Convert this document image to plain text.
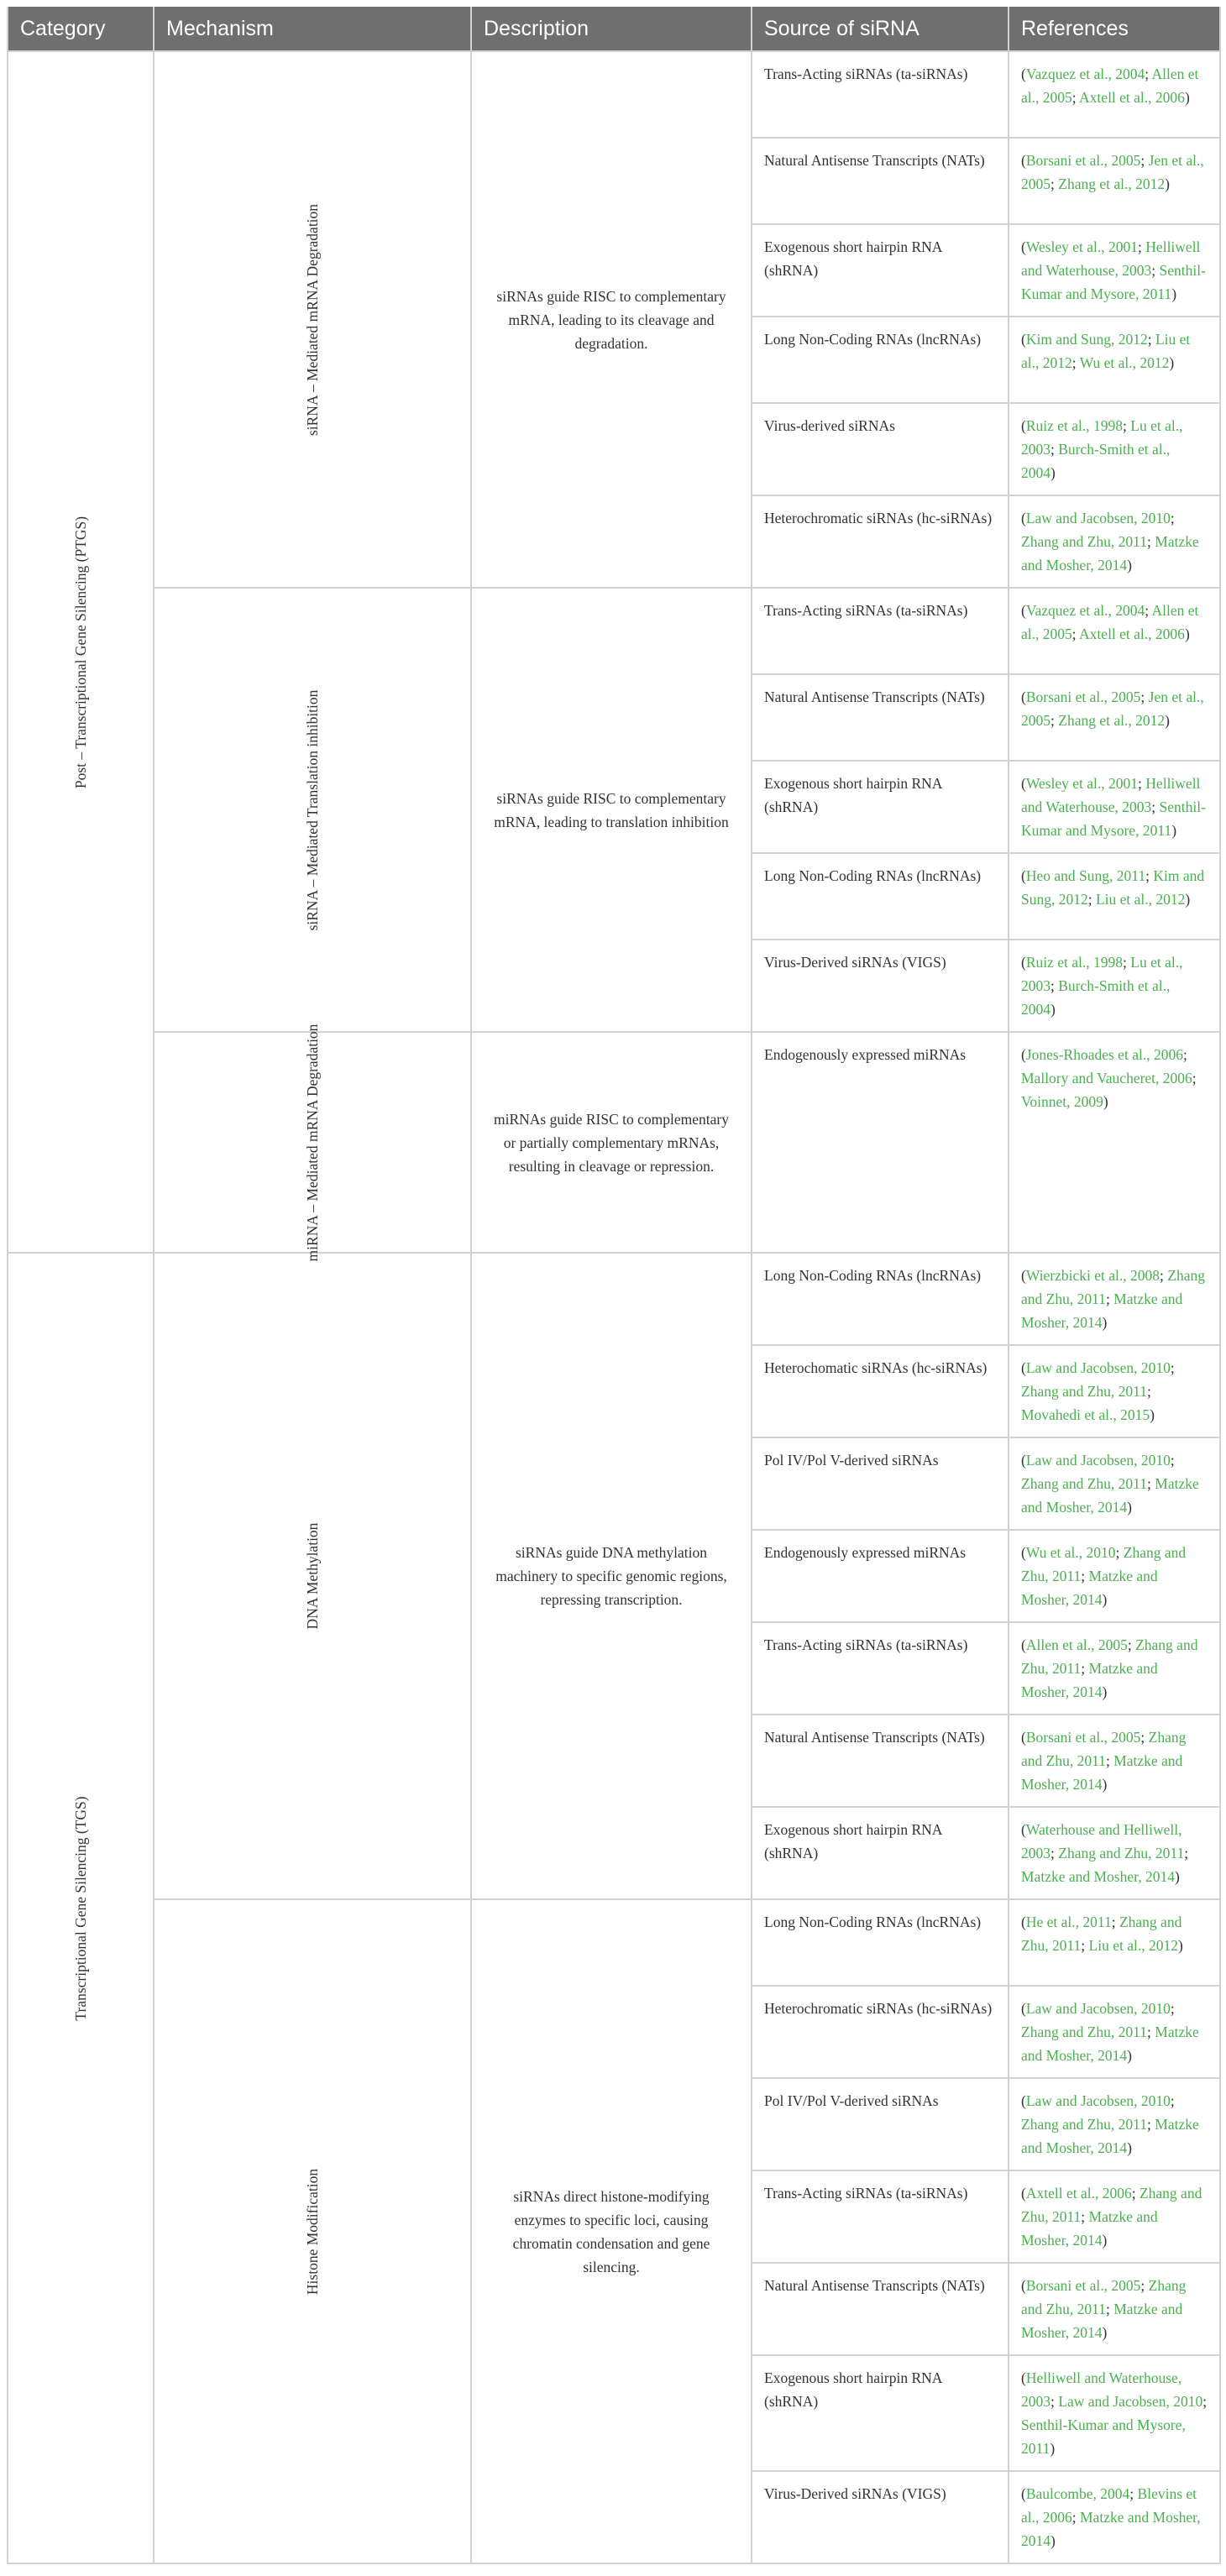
Category	Mechanism	Description	Source of siRNA	References

Post – Transcriptional Gene Silencing (PTGS)	siRNA – Mediated mRNA Degradation	siRNAs guide RISC to complementary mRNA, leading to its cleavage and degradation.	Trans-Acting siRNAs (ta-siRNAs)	(Vazquez et al., 2004; Allen et al., 2005; Axtell et al., 2006)
			Natural Antisense Transcripts (NATs)	(Borsani et al., 2005; Jen et al., 2005; Zhang et al., 2012)
			Exogenous short hairpin RNA (shRNA)	(Wesley et al., 2001; Helliwell and Waterhouse, 2003; Senthil-Kumar and Mysore, 2011)
			Long Non-Coding RNAs (lncRNAs)	(Kim and Sung, 2012; Liu et al., 2012; Wu et al., 2012)
			Virus-derived siRNAs	(Ruiz et al., 1998; Lu et al., 2003; Burch-Smith et al., 2004)
			Heterochromatic siRNAs (hc-siRNAs)	(Law and Jacobsen, 2010; Zhang and Zhu, 2011; Matzke and Mosher, 2014)

	siRNA – Mediated Translation inhibition	siRNAs guide RISC to complementary mRNA, leading to translation inhibition	Trans-Acting siRNAs (ta-siRNAs)	(Vazquez et al., 2004; Allen et al., 2005; Axtell et al., 2006)
			Natural Antisense Transcripts (NATs)	(Borsani et al., 2005; Jen et al., 2005; Zhang et al., 2012)
			Exogenous short hairpin RNA (shRNA)	(Wesley et al., 2001; Helliwell and Waterhouse, 2003; Senthil-Kumar and Mysore, 2011)
			Long Non-Coding RNAs (lncRNAs)	(Heo and Sung, 2011; Kim and Sung, 2012; Liu et al., 2012)
			Virus-Derived siRNAs (VIGS)	(Ruiz et al., 1998; Lu et al., 2003; Burch-Smith et al., 2004)

	miRNA – Mediated mRNA Degradation	miRNAs guide RISC to complementary or partially complementary mRNAs, resulting in cleavage or repression.	Endogenously expressed miRNAs	(Jones-Rhoades et al., 2006; Mallory and Vaucheret, 2006; Voinnet, 2009)

Transcriptional Gene Silencing (TGS)	DNA Methylation	siRNAs guide DNA methylation machinery to specific genomic regions, repressing transcription.	Long Non-Coding RNAs (lncRNAs)	(Wierzbicki et al., 2008; Zhang and Zhu, 2011; Matzke and Mosher, 2014)
			Heterochomatic siRNAs (hc-siRNAs)	(Law and Jacobsen, 2010; Zhang and Zhu, 2011; Movahedi et al., 2015)
			Pol IV/Pol V-derived siRNAs	(Law and Jacobsen, 2010; Zhang and Zhu, 2011; Matzke and Mosher, 2014)
			Endogenously expressed miRNAs	(Wu et al., 2010; Zhang and Zhu, 2011; Matzke and Mosher, 2014)
			Trans-Acting siRNAs (ta-siRNAs)	(Allen et al., 2005; Zhang and Zhu, 2011; Matzke and Mosher, 2014)
			Natural Antisense Transcripts (NATs)	(Borsani et al., 2005; Zhang and Zhu, 2011; Matzke and Mosher, 2014)
			Exogenous short hairpin RNA (shRNA)	(Waterhouse and Helliwell, 2003; Zhang and Zhu, 2011; Matzke and Mosher, 2014)

	Histone Modification	siRNAs direct histone-modifying enzymes to specific loci, causing chromatin condensation and gene silencing.	Long Non-Coding RNAs (lncRNAs)	(He et al., 2011; Zhang and Zhu, 2011; Liu et al., 2012)
			Heterochromatic siRNAs (hc-siRNAs)	(Law and Jacobsen, 2010; Zhang and Zhu, 2011; Matzke and Mosher, 2014)
			Pol IV/Pol V-derived siRNAs	(Law and Jacobsen, 2010; Zhang and Zhu, 2011; Matzke and Mosher, 2014)
			Trans-Acting siRNAs (ta-siRNAs)	(Axtell et al., 2006; Zhang and Zhu, 2011; Matzke and Mosher, 2014)
			Natural Antisense Transcripts (NATs)	(Borsani et al., 2005; Zhang and Zhu, 2011; Matzke and Mosher, 2014)
			Exogenous short hairpin RNA (shRNA)	(Helliwell and Waterhouse, 2003; Law and Jacobsen, 2010; Senthil-Kumar and Mysore, 2011)
			Virus-Derived siRNAs (VIGS)	(Baulcombe, 2004; Blevins et al., 2006; Matzke and Mosher, 2014)
